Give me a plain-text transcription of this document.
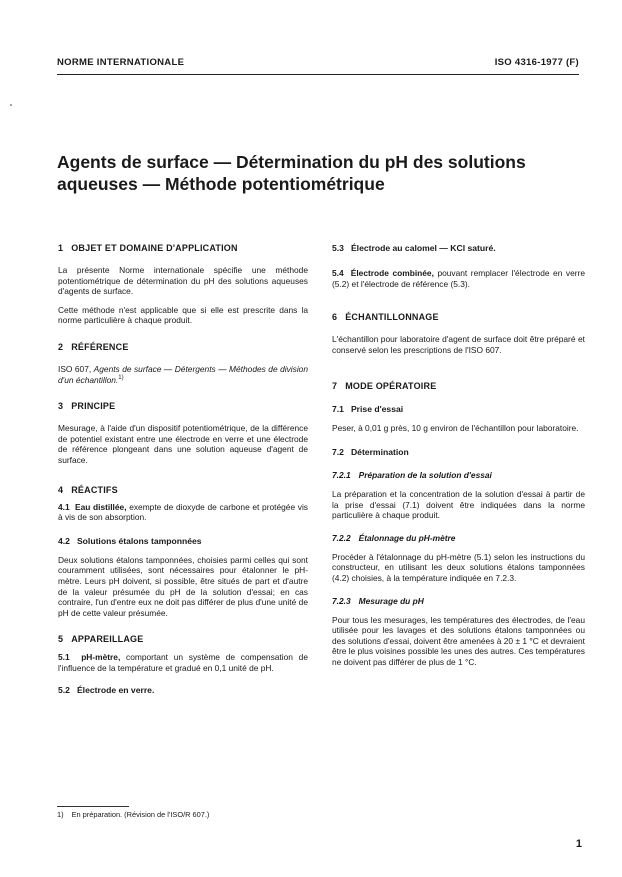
NORME INTERNATIONALE	ISO 4316-1977 (F)
Agents de surface — Détermination du pH des solutions
aqueuses — Méthode potentiométrique
1 OBJET ET DOMAINE D'APPLICATION

La présente Norme internationale spécifie une méthode potentiométrique de détermination du pH des solutions aqueuses d'agents de surface.

Cette méthode n'est applicable que si elle est prescrite dans la norme particulière à chaque produit.

2 RÉFÉRENCE

ISO 607, Agents de surface — Détergents — Méthodes de division d'un échantillon.$^{1)}$

3 PRINCIPE

Mesurage, à l'aide d'un dispositif potentiométrique, de la différence de potentiel existant entre une électrode en verre et une électrode de référence plongeant dans une solution aqueuse d'agent de surface.

4 RÉACTIFS

4.1 Eau distillée, exempte de dioxyde de carbone et protégée vis à vis de son absorption.

4.2 Solutions étalons tamponnées

Deux solutions étalons tamponnées, choisies parmi celles qui sont couramment utilisées, sont nécessaires pour étalonner le pH-mètre. Leurs pH doivent, si possible, être situés de part et d'autre de la valeur présumée du pH de la solution d'essai; en cas contraire, l'un d'entre eux ne doit pas différer de plus d'une unité de pH de cette valeur présumée.

5 APPAREILLAGE

5.1 pH-mètre, comportant un système de compensation de l'influence de la température et gradué en 0,1 unité de pH.

5.2 Électrode en verre.
5.3 Électrode au calomel — KCl saturé.

5.4 Électrode combinée, pouvant remplacer l'électrode en verre (5.2) et l'électrode de référence (5.3).

6 ÉCHANTILLONNAGE

L'échantillon pour laboratoire d'agent de surface doit être préparé et conservé selon les prescriptions de l'ISO 607.

7 MODE OPÉRATOIRE
7.1 Prise d'essai

Peser, à 0,01 g près, 10 g environ de l'échantillon pour laboratoire.

7.2 Détermination
7.2.1 Préparation de la solution d'essai

La préparation et la concentration de la solution d'essai à partir de la prise d'essai (7.1) doivent être indiquées dans la norme particulière à chaque produit.

7.2.2 Étalonnage du pH-mètre

Procéder à l'étalonnage du pH-mètre (5.1) selon les instructions du constructeur, en utilisant les deux solutions étalons tamponnées (4.2) choisies, à la température indiquée en 7.2.3.

7.2.3 Mesurage du pH

Pour tous les mesurages, les températures des électrodes, de l'eau utilisée pour les lavages et des solutions étalons tamponnées ou des solutions d'essai, doivent être amenées à 20 ± 1 °C et devraient être le plus voisines possible les unes des autres. Ces températures ne doivent pas différer de plus de 1 °C.

1) En préparation. (Révision de l'ISO/R 607.)
1
